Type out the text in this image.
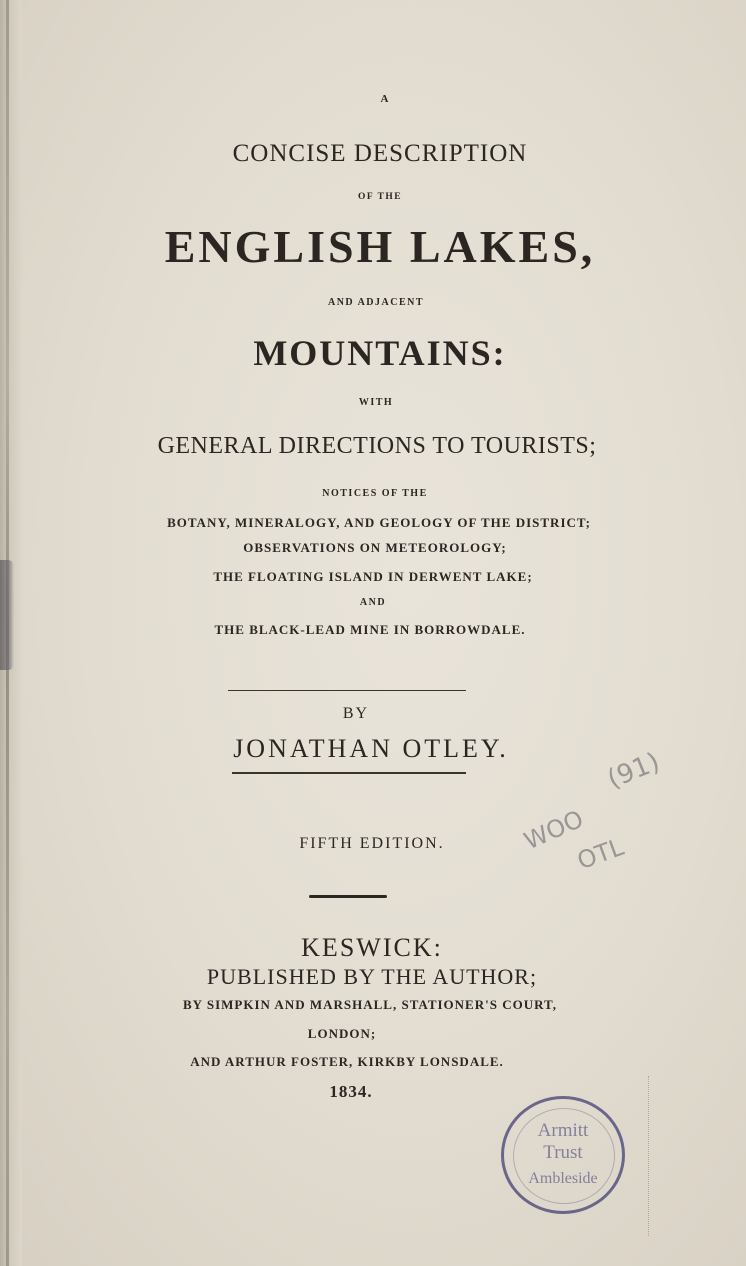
A
CONCISE DESCRIPTION
OF THE
ENGLISH LAKES,
AND ADJACENT
MOUNTAINS:
WITH
GENERAL DIRECTIONS TO TOURISTS;
NOTICES OF THE
BOTANY, MINERALOGY, AND GEOLOGY OF THE DISTRICT;
OBSERVATIONS ON METEOROLOGY;
THE FLOATING ISLAND IN DERWENT LAKE;
AND
THE BLACK-LEAD MINE IN BORROWDALE.
BY
JONATHAN OTLEY.
FIFTH EDITION.
KESWICK:
PUBLISHED BY THE AUTHOR;
BY SIMPKIN AND MARSHALL, STATIONER'S COURT,
LONDON;
AND ARTHUR FOSTER, KIRKBY LONSDALE.
1834.
(91)
WOO
OTL
Armitt
Trust
Ambleside
